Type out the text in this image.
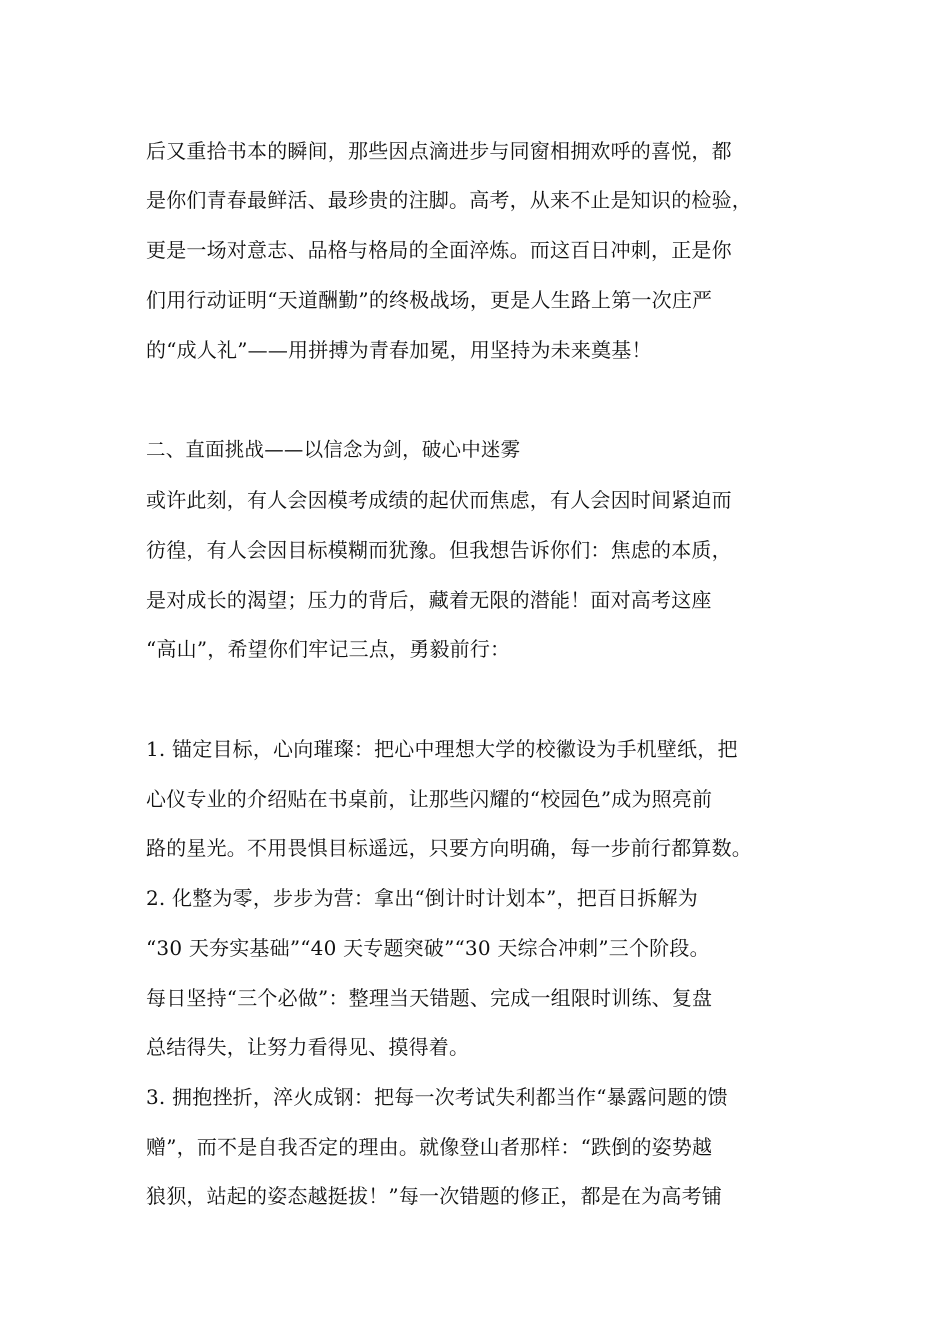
后又重拾书本的瞬间，那些因点滴进步与同窗相拥欢呼的喜悦，都
是你们青春最鲜活、最珍贵的注脚。高考，从来不止是知识的检验，
更是一场对意志、品格与格局的全面淬炼。而这百日冲刺，正是你
们用行动证明“天道酬勤”的终极战场，更是人生路上第一次庄严
的“成人礼”——用拼搏为青春加冕，用坚持为未来奠基！
二、直面挑战——以信念为剑，破心中迷雾
或许此刻，有人会因模考成绩的起伏而焦虑，有人会因时间紧迫而
彷徨，有人会因目标模糊而犹豫。但我想告诉你们：焦虑的本质，
是对成长的渴望；压力的背后，藏着无限的潜能！面对高考这座
“高山”，希望你们牢记三点，勇毅前行：
1. 锚定目标，心向璀璨：把心中理想大学的校徽设为手机壁纸，把
心仪专业的介绍贴在书桌前，让那些闪耀的“校园色”成为照亮前
路的星光。不用畏惧目标遥远，只要方向明确，每一步前行都算数。
2. 化整为零，步步为营：拿出“倒计时计划本”，把百日拆解为
“30 天夯实基础”“40 天专题突破”“30 天综合冲刺”三个阶段。
每日坚持“三个必做”：整理当天错题、完成一组限时训练、复盘
总结得失，让努力看得见、摸得着。
3. 拥抱挫折，淬火成钢：把每一次考试失利都当作“暴露问题的馈
赠”，而不是自我否定的理由。就像登山者那样：“跌倒的姿势越
狼狈，站起的姿态越挺拔！”每一次错题的修正，都是在为高考铺
